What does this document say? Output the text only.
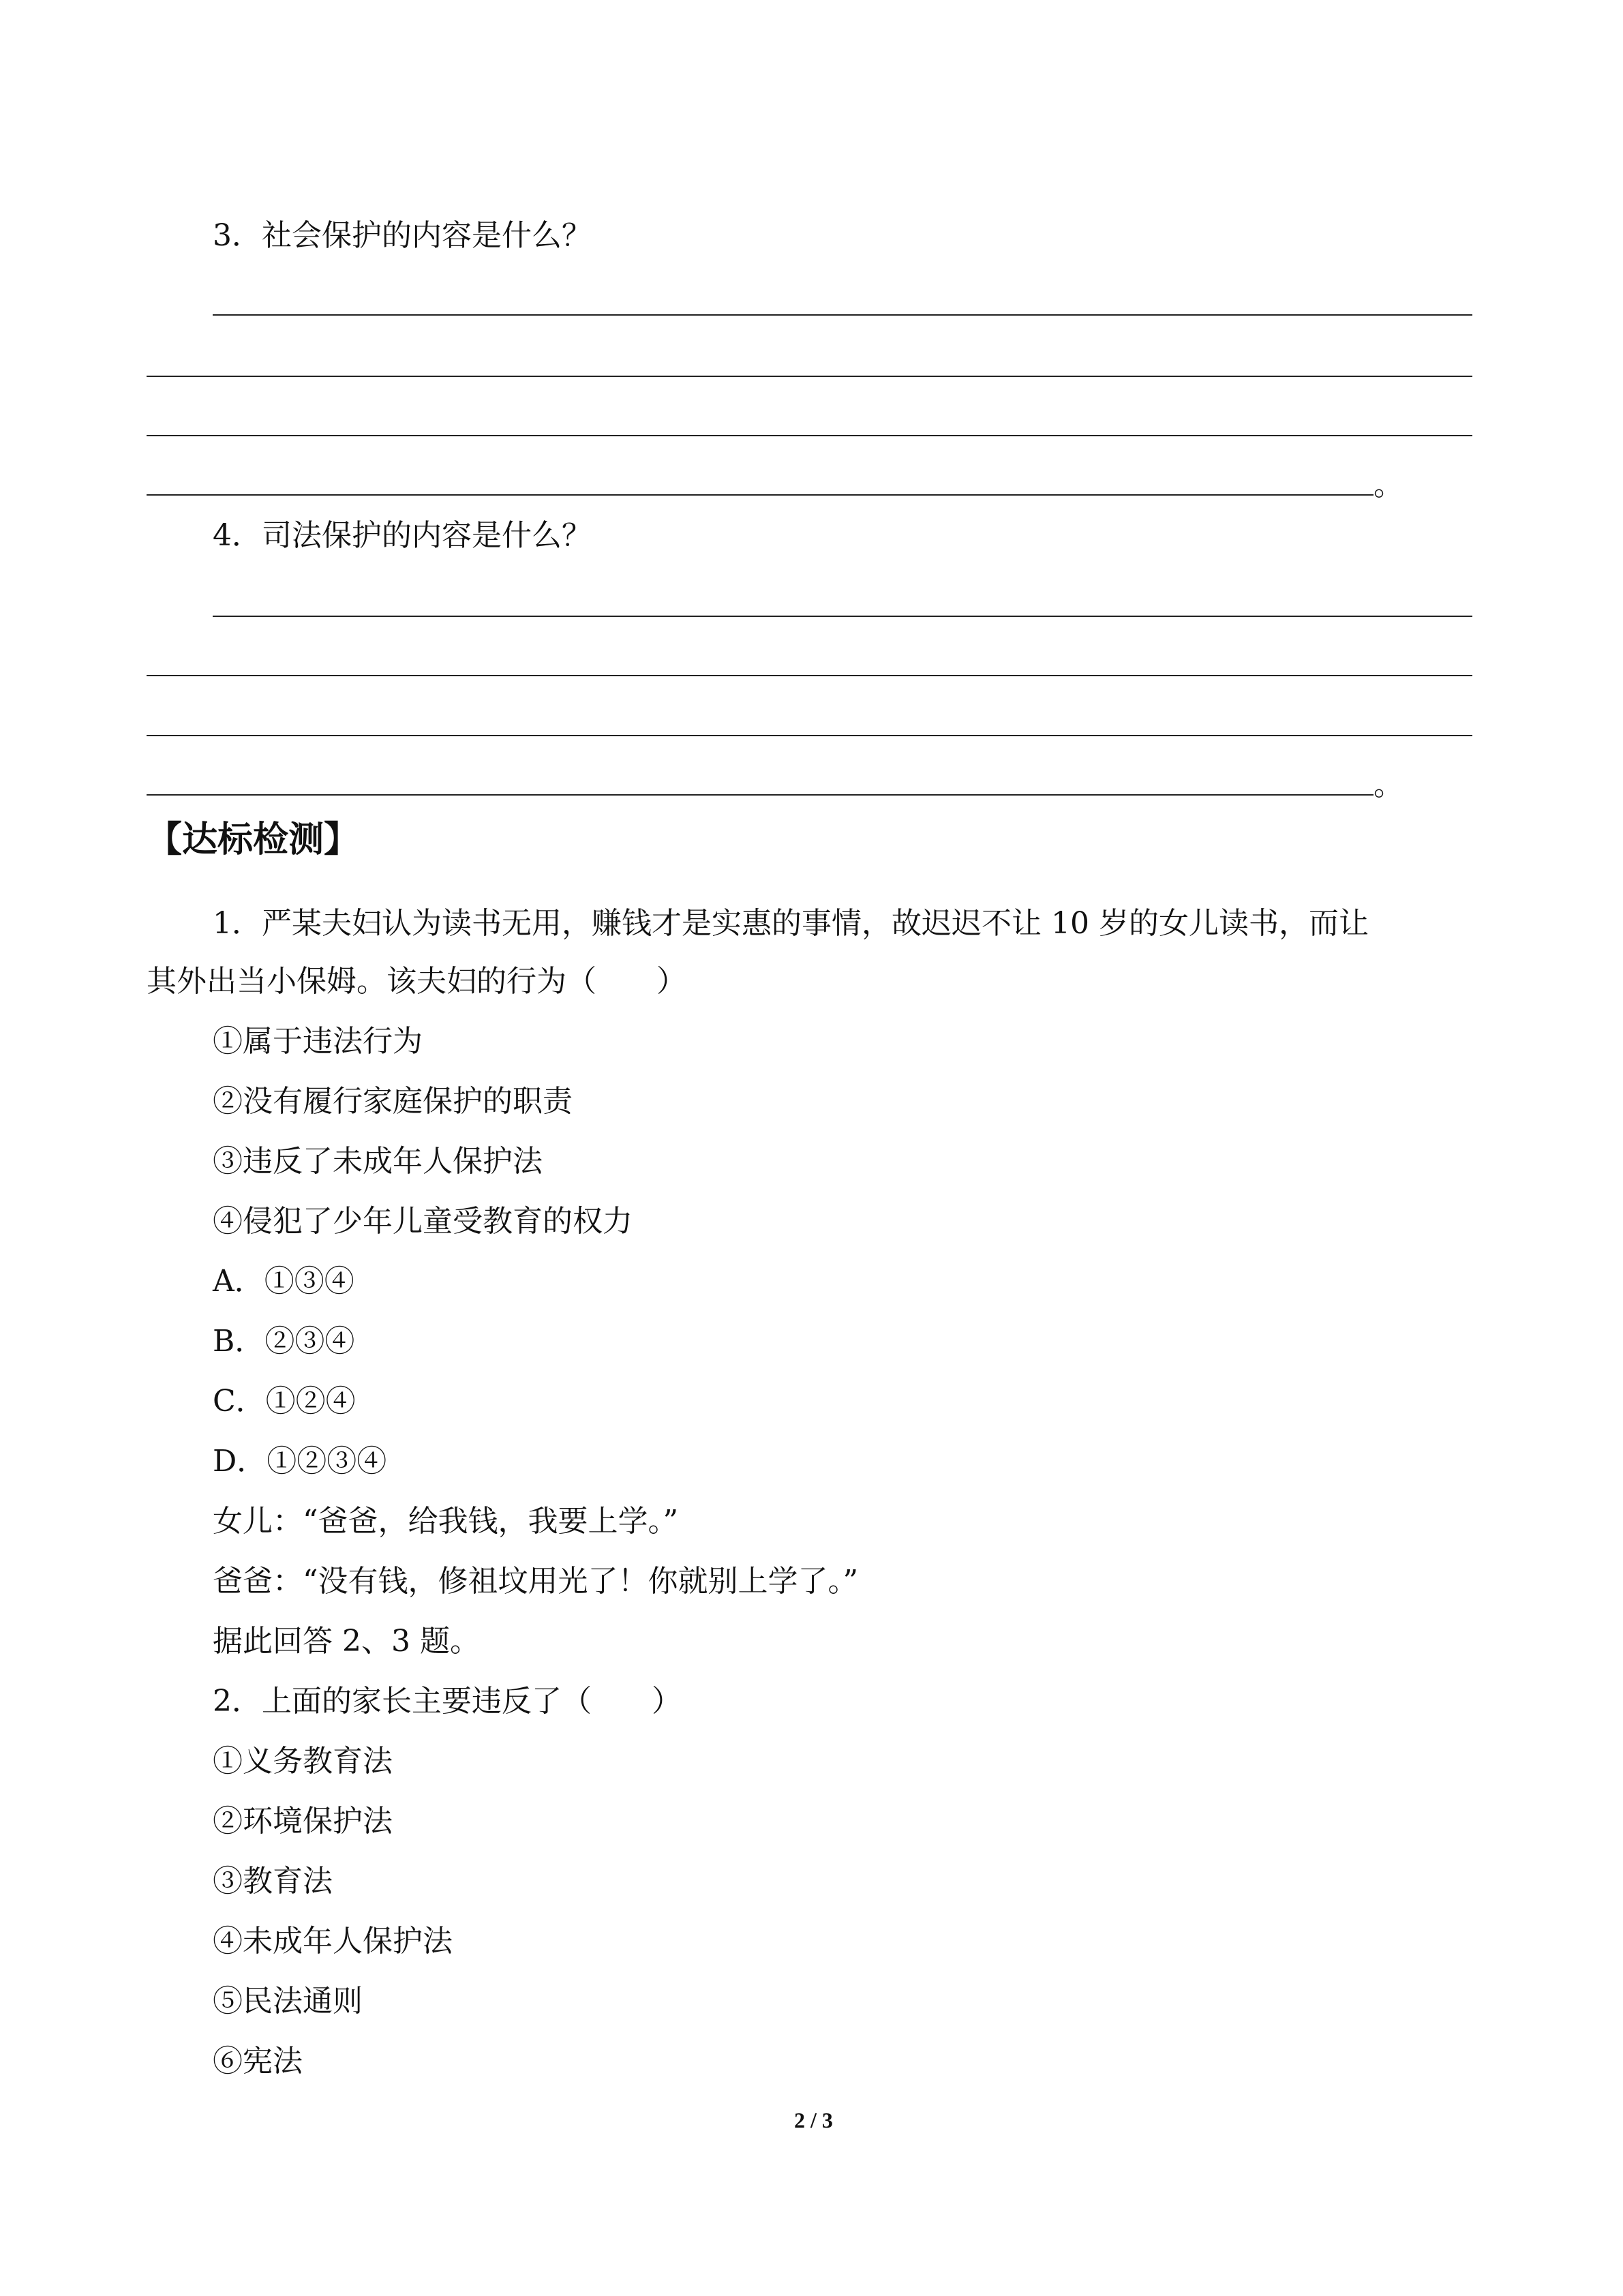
3．社会保护的内容是什么？
。
4．司法保护的内容是什么？
。
【达标检测】
1．严某夫妇认为读书无用，赚钱才是实惠的事情，故迟迟不让 10 岁的女儿读书，而让
其外出当小保姆。该夫妇的行为（　　）
①属于违法行为
②没有履行家庭保护的职责
③违反了未成年人保护法
④侵犯了少年儿童受教育的权力
A．①③④
B．②③④
C．①②④
D．①②③④
女儿：“爸爸，给我钱，我要上学。”
爸爸：“没有钱，修祖坟用光了！你就别上学了。”
据此回答 2、3 题。
2．上面的家长主要违反了（　　）
①义务教育法
②环境保护法
③教育法
④未成年人保护法
⑤民法通则
⑥宪法
2 / 3
